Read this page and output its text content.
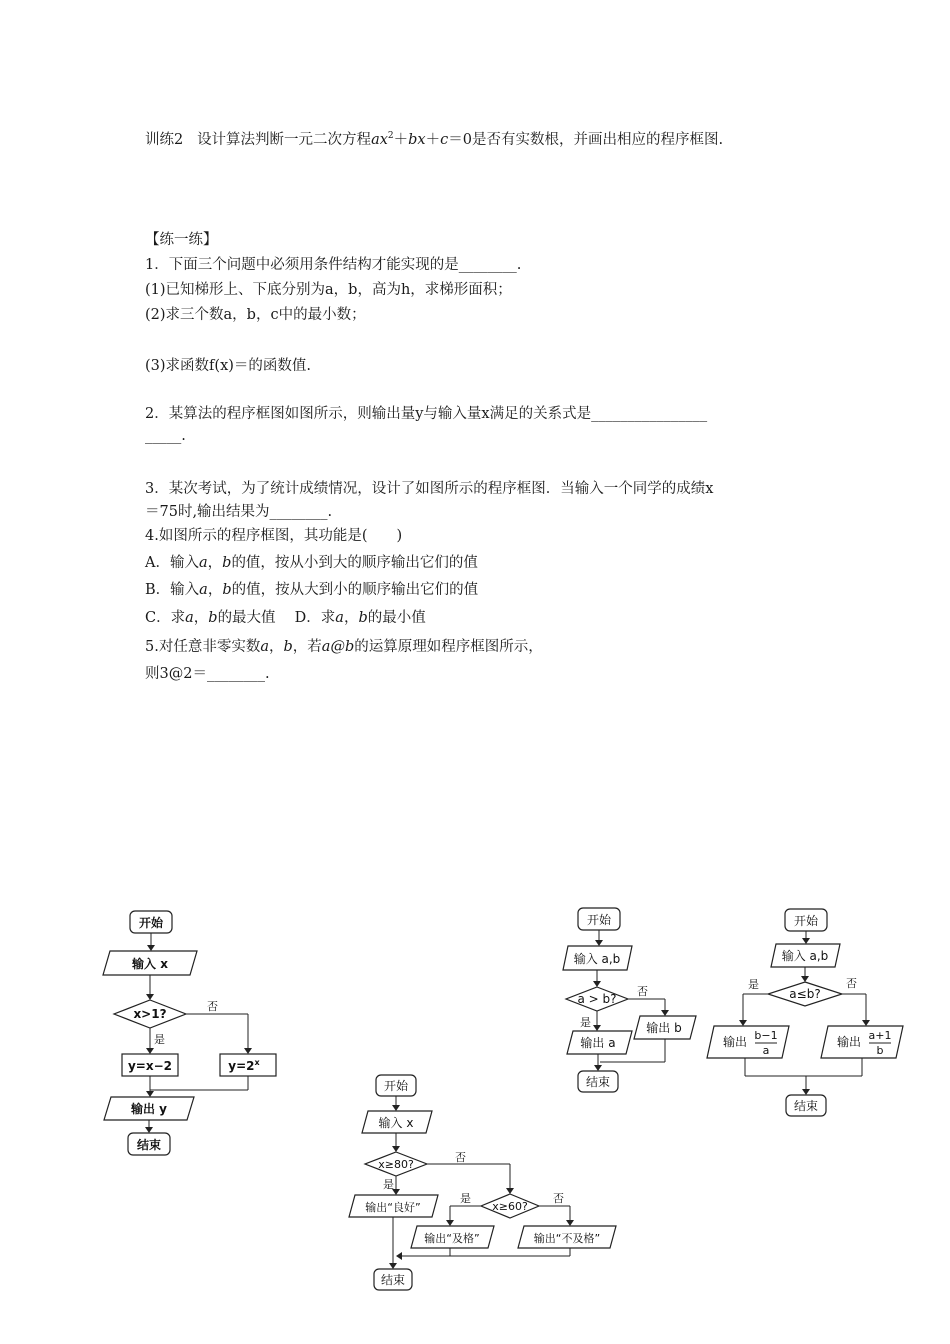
训练2 设计算法判断一元二次方程$ax^2+bx+c=0$是否有实数根，并画出相应的程序框图.
【练一练】
1．下面三个问题中必须用条件结构才能实现的是________.
(1)已知梯形上、下底分别为a，b，高为h，求梯形面积；
(2)求三个数a，b，c中的最小数；
(3)求函数f(x)＝的函数值.
2．某算法的程序框图如图所示，则输出量y与输入量x满足的关系式是________________
_____.
3．某次考试，为了统计成绩情况，设计了如图所示的程序框图．当输入一个同学的成绩x
＝75时,输出结果为________.
4.如图所示的程序框图，其功能是(　　)
A．输入a，b的值，按从小到大的顺序输出它们的值
B．输入a，b的值，按从大到小的顺序输出它们的值
C．求a，b的最大值　 D．求a，b的最小值
5.对任意非零实数a，b，若a@b的运算原理如程序框图所示，
则3@2＝________.
开始
输入 x
x>1?
否
是
y=x−2	$y=2^x$
输出 y
结束
开始
输入 x
x≥80?
否
是
输出“良好”	x≥60?
是	否
输出“及格”	输出“不及格”
结束
开始
输入 a,b
a > b?
否
是
输出 a
输出 b
结束
开始
输入 a,b
a≤b?
是	否
输出 b−1
a
输出 a+1
b
结束
